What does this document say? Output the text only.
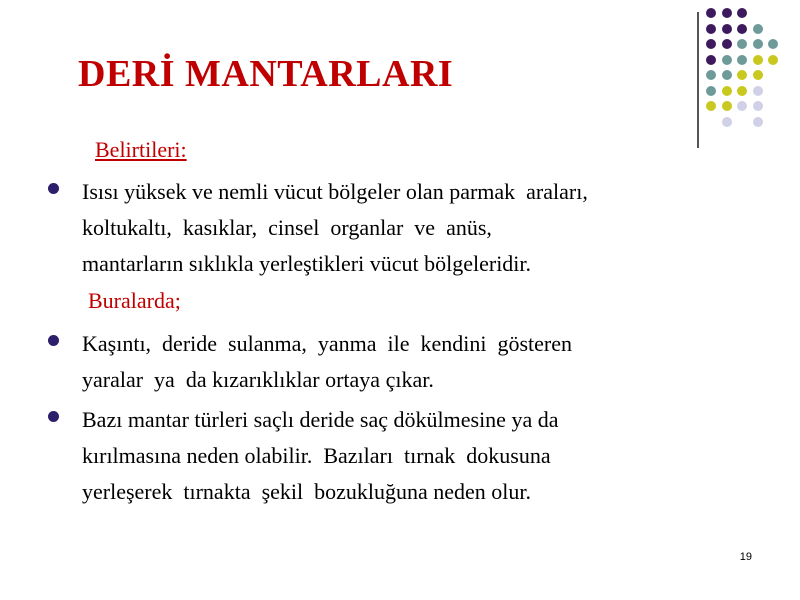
DERİ MANTARLARI
Belirtileri:
Isısı yüksek ve nemli vücut bölgeler olan parmak  araları,
koltukaltı,  kasıklar,  cinsel  organlar  ve  anüs,
mantarların sıklıkla yerleştikleri vücut bölgeleridir.
Buralarda;
Kaşıntı,  deride  sulanma,  yanma  ile  kendini  gösteren
yaralar  ya  da kızarıklıklar ortaya çıkar.
Bazı mantar türleri saçlı deride saç dökülmesine ya da
kırılmasına neden olabilir.  Bazıları  tırnak  dokusuna
yerleşerek  tırnakta  şekil  bozukluğuna neden olur.
19
